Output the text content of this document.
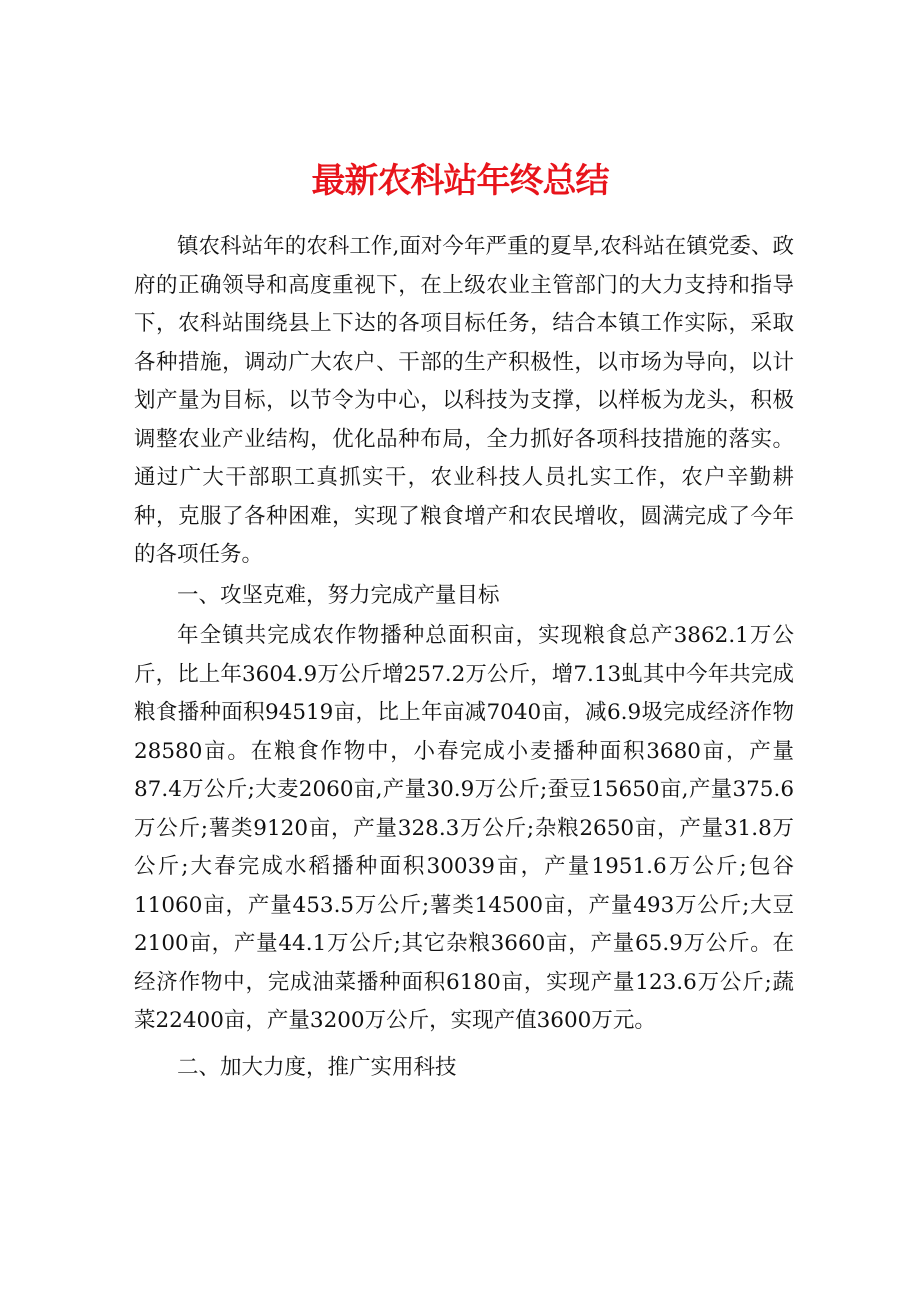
最新农科站年终总结

镇农科站年的农科工作,面对今年严重的夏旱,农科站在镇党委、政府的正确领导和高度重视下，在上级农业主管部门的大力支持和指导下，农科站围绕县上下达的各项目标任务，结合本镇工作实际，采取各种措施，调动广大农户、干部的生产积极性，以市场为导向，以计划产量为目标，以节令为中心，以科技为支撑，以样板为龙头，积极调整农业产业结构，优化品种布局，全力抓好各项科技措施的落实。通过广大干部职工真抓实干，农业科技人员扎实工作，农户辛勤耕种，克服了各种困难，实现了粮食增产和农民增收，圆满完成了今年的各项任务。

一、攻坚克难，努力完成产量目标

年全镇共完成农作物播种总面积亩，实现粮食总产3862.1万公斤，比上年3604.9万公斤增257.2万公斤，增7.13虬其中今年共完成粮食播种面积94519亩，比上年亩减7040亩，减6.9圾完成经济作物28580亩。在粮食作物中，小春完成小麦播种面积3680亩，产量87.4万公斤;大麦2060亩,产量30.9万公斤;蚕豆15650亩,产量375.6万公斤;薯类9120亩，产量328.3万公斤;杂粮2650亩，产量31.8万公斤;大春完成水稻播种面积30039亩，产量1951.6万公斤;包谷11060亩，产量453.5万公斤;薯类14500亩，产量493万公斤;大豆2100亩，产量44.1万公斤;其它杂粮3660亩，产量65.9万公斤。在经济作物中，完成油菜播种面积6180亩，实现产量123.6万公斤;蔬菜22400亩，产量3200万公斤，实现产值3600万元。

二、加大力度，推广实用科技
